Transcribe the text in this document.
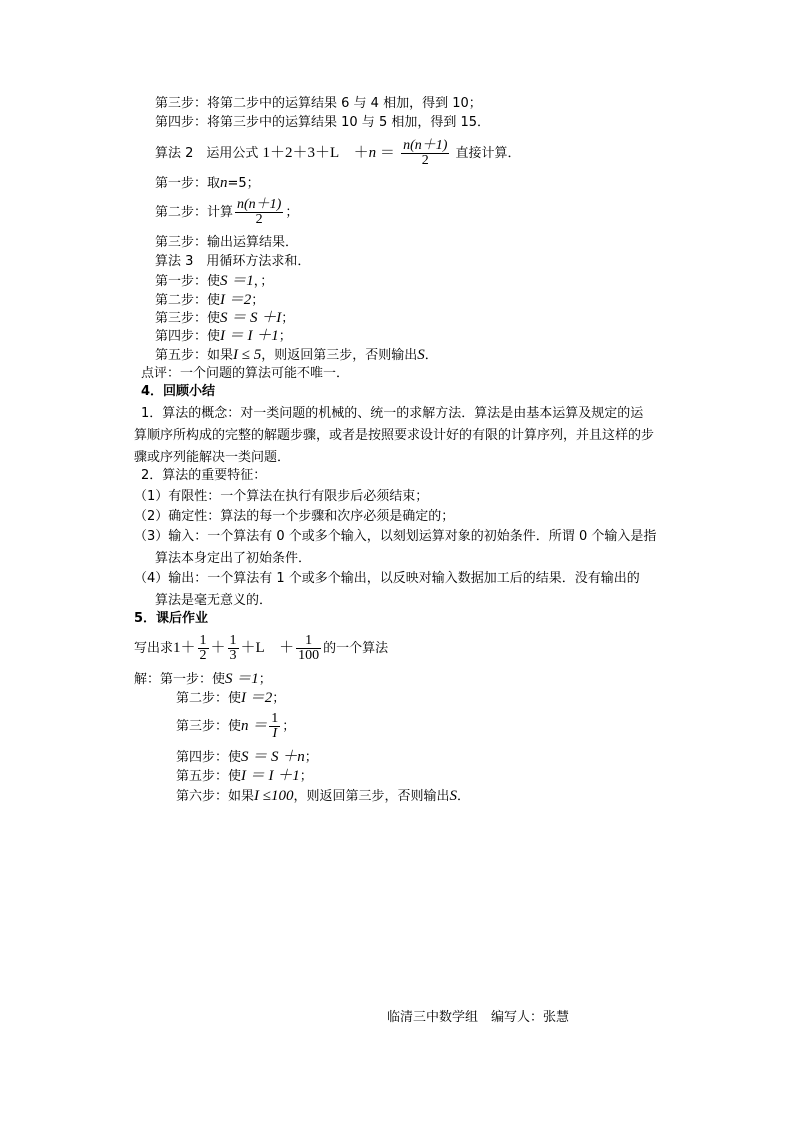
第三步：将第二步中的运算结果 6 与 4 相加，得到 10；
第四步：将第三步中的运算结果 10 与 5 相加，得到 15．
算法 2　运用公式 1＋2＋3＋L　$+n = \frac{n(n+1)}{2}$ 直接计算．
第一步：取n=5；
第二步：计算 $\frac{n(n+1)}{2}$ ；
第三步：输出运算结果．
算法 3　用循环方法求和．
第一步：使S ＝1，；
第二步：使I ＝2；
第三步：使S ＝ S ＋I；
第四步：使I ＝ I ＋1；
第五步：如果I ≤ 5，则返回第三步，否则输出S．
点评：一个问题的算法可能不唯一．
4．回顾小结
1．算法的概念：对一类问题的机械的、统一的求解方法．算法是由基本运算及规定的运
算顺序所构成的完整的解题步骤，或者是按照要求设计好的有限的计算序列，并且这样的步
骤或序列能解决一类问题．
2．算法的重要特征：
（1）有限性：一个算法在执行有限步后必须结束；
（2）确定性：算法的每一个步骤和次序必须是确定的；
（3）输入：一个算法有 0 个或多个输入，以刻划运算对象的初始条件．所谓 0 个输入是指
算法本身定出了初始条件．
（4）输出：一个算法有 1 个或多个输出，以反映对输入数据加工后的结果．没有输出的
算法是毫无意义的．
5．课后作业
写出求$1+ \frac{1}{2} + \frac{1}{3} +L$　＋ $\frac{1}{100}$ 的一个算法
解：第一步：使S ＝1；
第二步：使I ＝2；
第三步：使$n = \frac{1}{I}$ ；
第四步：使S ＝ S ＋n；
第五步：使I ＝ I ＋1；
第六步：如果I ≤100，则返回第三步，否则输出S．
临清三中数学组　编写人：张慧
